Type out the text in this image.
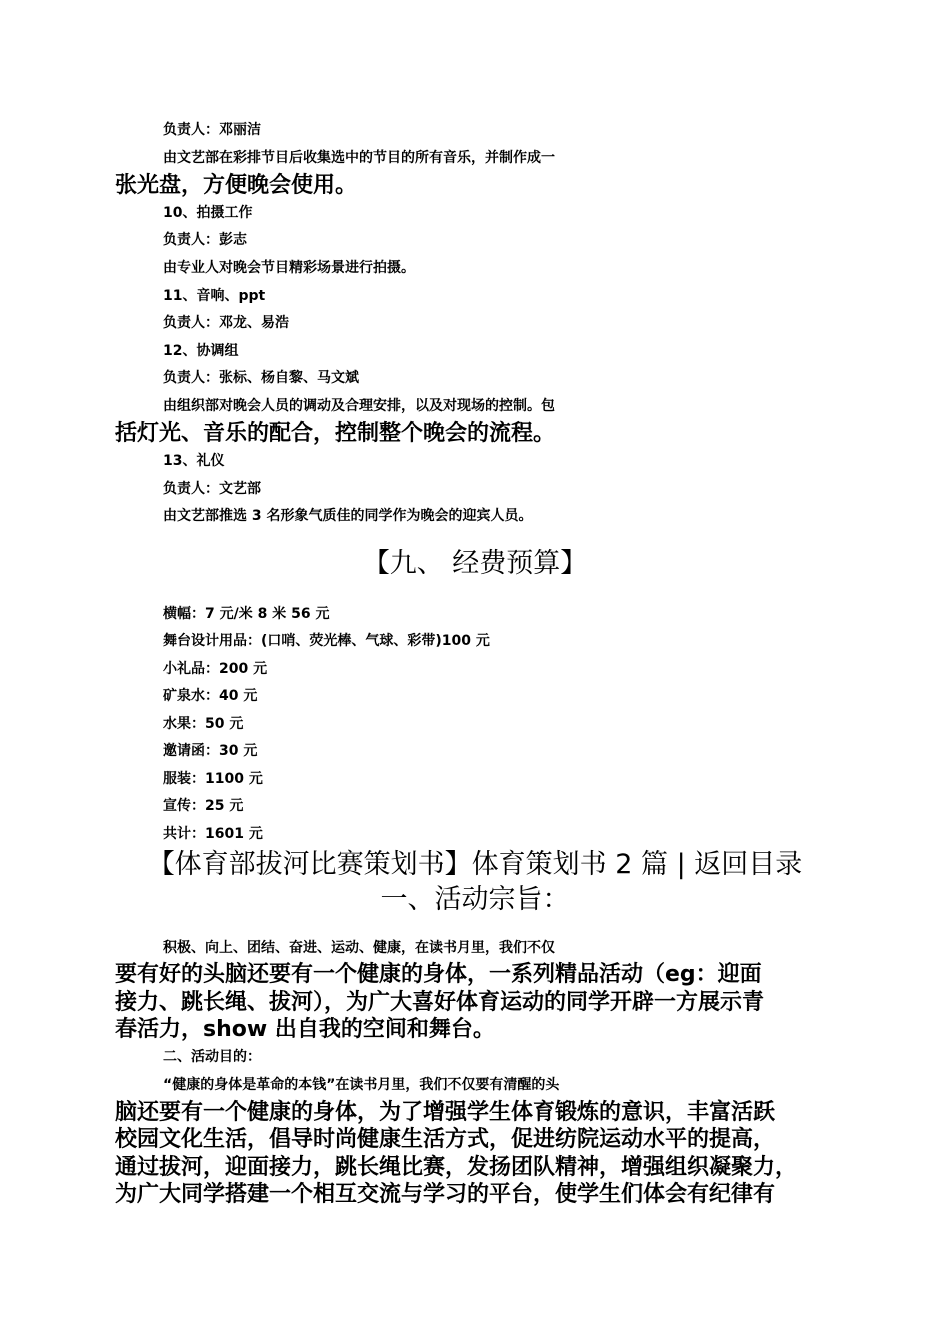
负责人：邓丽洁
由文艺部在彩排节目后收集选中的节目的所有音乐，并制作成一
张光盘，方便晚会使用。
10、拍摄工作
负责人：彭志
由专业人对晚会节目精彩场景进行拍摄。
11、音响、ppt
负责人：邓龙、易浩
12、协调组
负责人：张标、杨自黎、马文斌
由组织部对晚会人员的调动及合理安排，以及对现场的控制。包
括灯光、音乐的配合，控制整个晚会的流程。
13、礼仪
负责人：文艺部
由文艺部推选 3 名形象气质佳的同学作为晚会的迎宾人员。
【九、 经费预算】
横幅：7 元/米 8 米 56 元
舞台设计用品：(口哨、荧光棒、气球、彩带)100 元
小礼品：200 元
矿泉水：40 元
水果：50 元
邀请函：30 元
服装：1100 元
宣传：25 元
共计：1601 元
【体育部拔河比赛策划书】体育策划书 2 篇 | 返回目录
一、活动宗旨：
积极、向上、团结、奋进、运动、健康，在读书月里，我们不仅
要有好的头脑还要有一个健康的身体，一系列精品活动（eg：迎面
接力、跳长绳、拔河），为广大喜好体育运动的同学开辟一方展示青
春活力，show 出自我的空间和舞台。
二、活动目的：
“健康的身体是革命的本钱”在读书月里，我们不仅要有清醒的头
脑还要有一个健康的身体，为了增强学生体育锻炼的意识，丰富活跃
校园文化生活，倡导时尚健康生活方式，促进纺院运动水平的提高，
通过拔河，迎面接力，跳长绳比赛，发扬团队精神，增强组织凝聚力，
为广大同学搭建一个相互交流与学习的平台，使学生们体会有纪律有
